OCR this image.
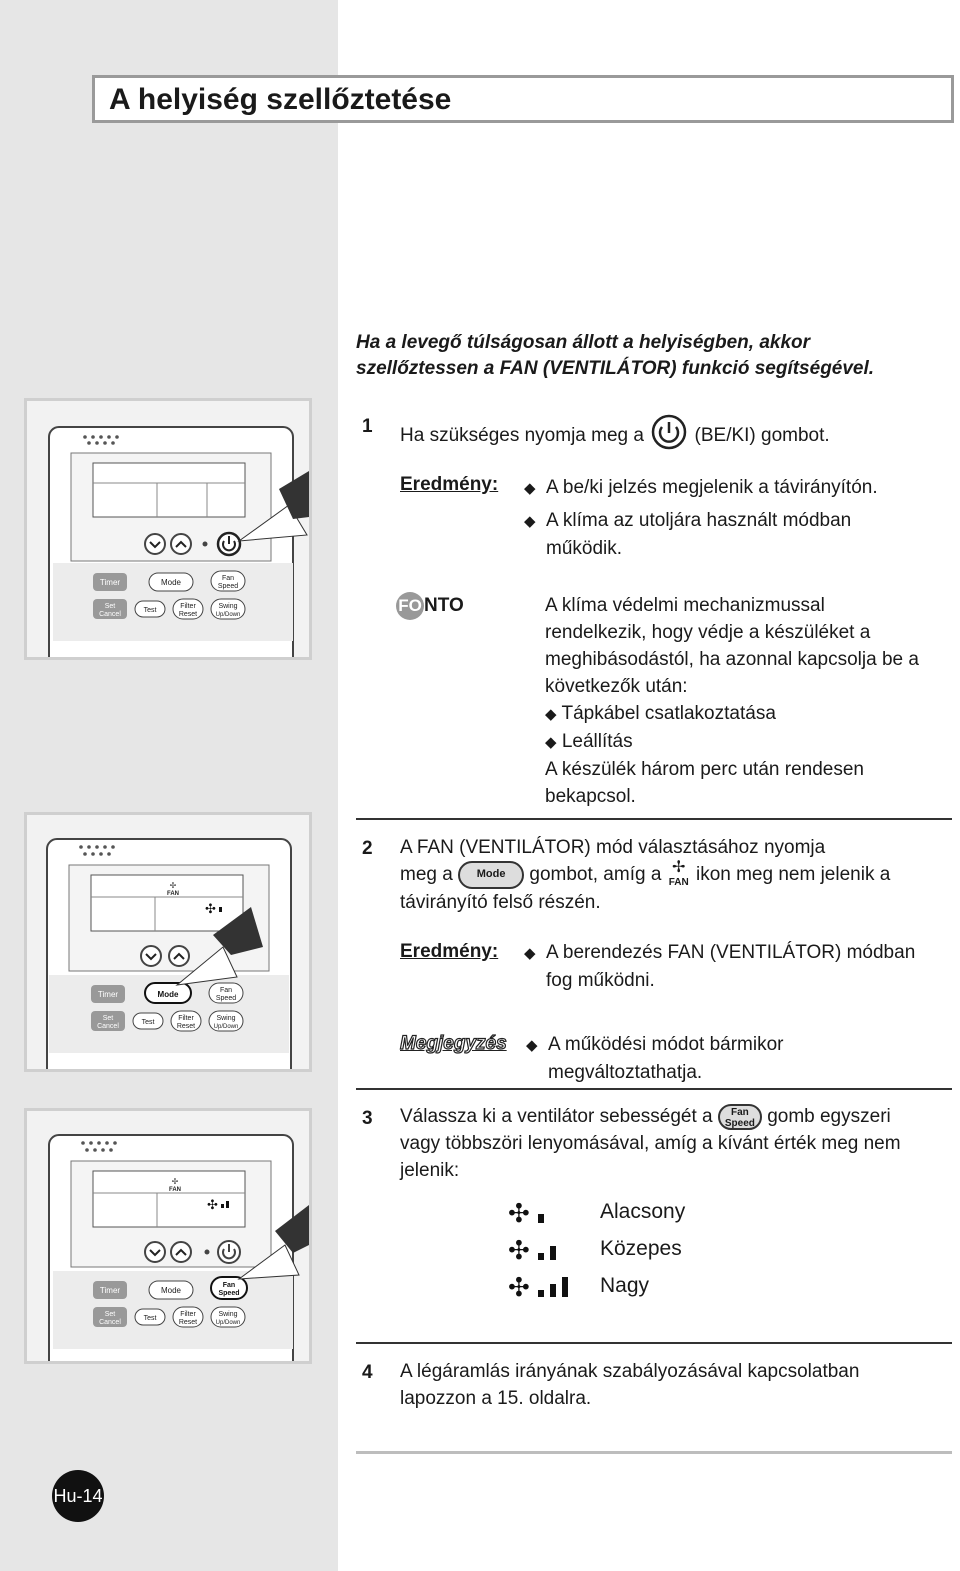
A helyiség szellőztetése
Ha a levegő túlságosan állott a helyiségben, akkor
szellőztessen a FAN (VENTILÁTOR) funkció segítségével.
Timer	Mode	Fan
Speed
Set
Cancel
Test
Filter
Reset
Swing
Up/Down
1 Ha szükséges nyomja meg a	(BE/KI) gombot.
Eredmény: ◆ A be/ki jelzés megjelenik a távirányítón.
◆ A klíma az utoljára használt módban
működik.
FO NTO	A klíma védelmi mechanizmussal
rendelkezik, hogy védje a készüléket a
meghibásodástól, ha azonnal kapcsolja be a
következők után:
◆ Tápkábel csatlakoztatása
◆ Leállítás
A készülék három perc után rendesen
bekapcsol.
✢
FAN
✣
Timer	Mode	Fan
Speed
Set
Cancel
Test
Filter
Reset
Swing
Up/Down
2 A FAN (VENTILÁTOR) mód választásához nyomja
meg a Mode gombot, amíg a ✢
FAN ikon meg nem jelenik a
távirányító felső részén.
Eredmény: ◆ A berendezés FAN (VENTILÁTOR) módban
fog működni.
Megjegyzés ◆ A működési módot bármikor
megváltoztathatja.
✢
FAN
✣
Timer	Mode
Fan
Speed
Set
Cancel
Test
Filter
Reset
Swing
Up/Down
3 Válassza ki a ventilátor sebességét a Fan
Speed gomb egyszeri
vagy többszöri lenyomásával, amíg a kívánt érték meg nem
jelenik:
✣	Alacsony
✣	Közepes
✣	Nagy
4 A légáramlás irányának szabályozásával kapcsolatban
lapozzon a 15. oldalra.
Hu-14
